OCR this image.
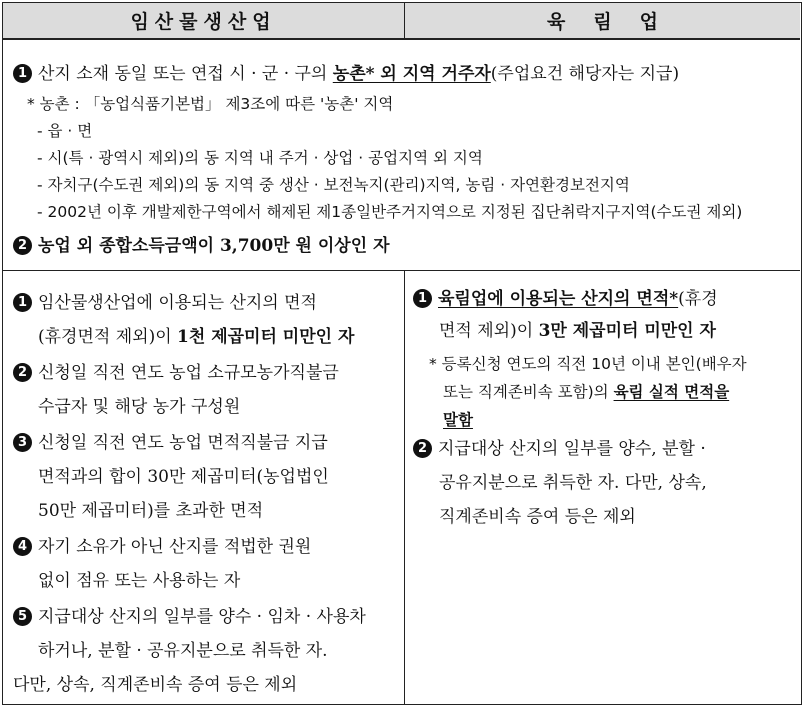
임산물생산업	육림업
1 산지 소재 동일 또는 연접 시 · 군 · 구의 농촌* 외 지역 거주자(주업요건 해당자는 지급)
* 농촌 : 「농업식품기본법」 제3조에 따른 '농촌' 지역
- 읍 · 면
- 시(특 · 광역시 제외)의 동 지역 내 주거 · 상업 · 공업지역 외 지역
- 자치구(수도권 제외)의 동 지역 중 생산 · 보전녹지(관리)지역, 농림 · 자연환경보전지역
- 2002년 이후 개발제한구역에서 해제된 제1종일반주거지역으로 지정된 집단취락지구지역(수도권 제외)
2 농업 외 종합소득금액이 3,700만 원 이상인 자
1 임산물생산업에 이용되는 산지의 면적
(휴경면적 제외)이 1천 제곱미터 미만인 자
2 신청일 직전 연도 농업 소규모농가직불금
수급자 및 해당 농가 구성원
3 신청일 직전 연도 농업 면적직불금 지급
면적과의 합이 30만 제곱미터(농업법인
50만 제곱미터)를 초과한 면적
4 자기 소유가 아닌 산지를 적법한 권원
없이 점유 또는 사용하는 자
5 지급대상 산지의 일부를 양수 · 임차 · 사용차
하거나, 분할 · 공유지분으로 취득한 자.
다만, 상속, 직계존비속 증여 등은 제외
1 육림업에 이용되는 산지의 면적*(휴경
면적 제외)이 3만 제곱미터 미만인 자
* 등록신청 연도의 직전 10년 이내 본인(배우자
또는 직계존비속 포함)의 육림 실적 면적을
말함
2 지급대상 산지의 일부를 양수, 분할 ·
공유지분으로 취득한 자. 다만, 상속,
직계존비속 증여 등은 제외
